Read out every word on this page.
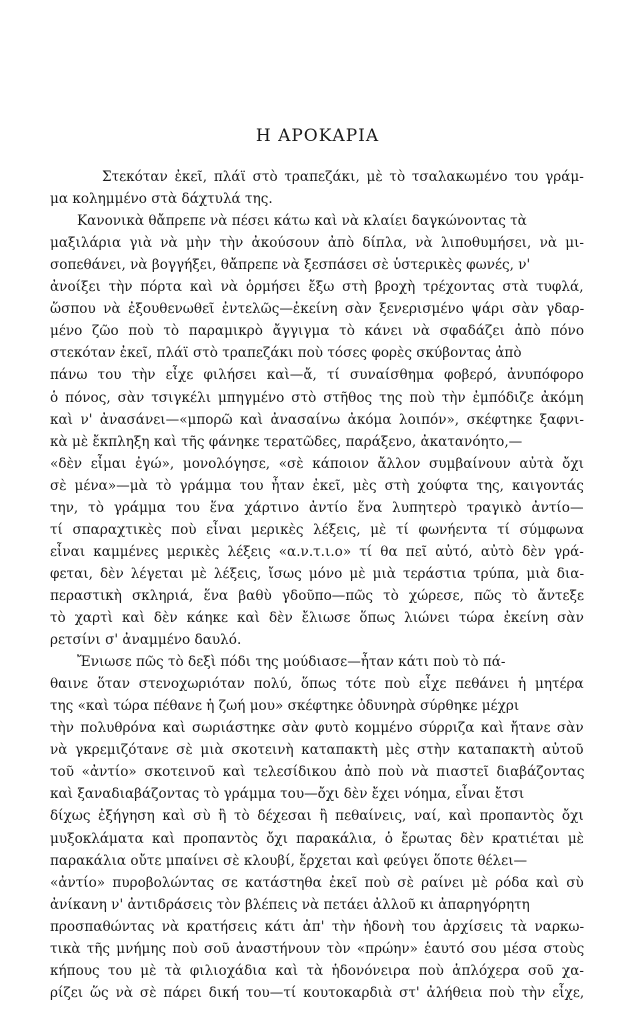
Η ΑΡΟΚΑΡΙΑ
Στεκόταν ἐκεῖ, πλάϊ στὸ τραπεζάκι, μὲ τὸ τσαλακωμένο του γράμ-
μα κολημμένο στὰ δάχτυλά της.
Κανονικὰ θἄπρεπε νὰ πέσει κάτω καὶ νὰ κλαίει δαγκώνοντας τὰ
μαξιλάρια γιὰ νὰ μὴν τὴν ἀκούσουν ἀπὸ δίπλα, νὰ λιποθυμήσει, νὰ μι-
σοπεθάνει, νὰ βογγήξει, θἄπρεπε νὰ ξεσπάσει σὲ ὑστερικὲς φωνές, ν'
ἀνοίξει τὴν πόρτα καὶ νὰ ὁρμήσει ἔξω στὴ βροχὴ τρέχοντας στὰ τυφλά,
ὥσπου νὰ ἐξουθενωθεῖ ἐντελῶς—ἐκείνη σὰν ξενερισμένο ψάρι σὰν γδαρ-
μένο ζῶο ποὺ τὸ παραμικρὸ ἄγγιγμα τὸ κάνει νὰ σφαδάζει ἀπὸ πόνο
στεκόταν ἐκεῖ, πλάϊ στὸ τραπεζάκι ποὺ τόσες φορὲς σκύβοντας ἀπὸ
πάνω του τὴν εἶχε φιλήσει καὶ—ἄ, τί συναίσθημα φοβερό, ἀνυπόφορο
ὁ πόνος, σὰν τσιγκέλι μπηγμένο στὸ στῆθος της ποὺ τὴν ἐμπόδιζε ἀκόμη
καὶ ν' ἀνασάνει—«μπορῶ καὶ ἀνασαίνω ἀκόμα λοιπόν», σκέφτηκε ξαφνι-
κὰ μὲ ἔκπληξη καὶ τῆς φάνηκε τερατῶδες, παράξενο, ἀκατανόητο,—
«δὲν εἶμαι ἐγώ», μονολόγησε, «σὲ κάποιον ἄλλον συμβαίνουν αὐτὰ ὄχι
σὲ μένα»—μὰ τὸ γράμμα του ἦταν ἐκεῖ, μὲς στὴ χούφτα της, καιγοντάς
την, τὸ γράμμα του ἕνα χάρτινο ἀντίο ἕνα λυπητερὸ τραγικὸ ἀντίο—
τί σπαραχτικὲς ποὺ εἶναι μερικὲς λέξεις, μὲ τί φωνήεντα τί σύμφωνα
εἶναι καμμένες μερικὲς λέξεις «α.ν.τ.ι.ο» τί θα πεῖ αὐτό, αὐτὸ δὲν γρά-
φεται, δὲν λέγεται μὲ λέξεις, ἴσως μόνο μὲ μιὰ τεράστια τρύπα, μιὰ δια-
περαστικὴ σκληριά, ἕνα βαθὺ γδοῦπο—πῶς τὸ χώρεσε, πῶς τὸ ἄντεξε
τὸ χαρτὶ καὶ δὲν κάηκε καὶ δὲν ἔλιωσε ὅπως λιώνει τώρα ἐκείνη σὰν
ρετσίνι σ' ἀναμμένο δαυλό.
Ἔνιωσε πῶς τὸ δεξὶ πόδι της μούδιασε—ἦταν κάτι ποὺ τὸ πά-
θαινε ὅταν στενοχωριόταν πολύ, ὅπως τότε ποὺ εἶχε πεθάνει ἡ μητέρα
της «καὶ τώρα πέθανε ἡ ζωή μου» σκέφτηκε ὀδυνηρὰ σύρθηκε μέχρι
τὴν πολυθρόνα καὶ σωριάστηκε σὰν φυτὸ κομμένο σύρριζα καὶ ἤτανε σὰν
νὰ γκρεμιζότανε σὲ μιὰ σκοτεινὴ καταπακτὴ μὲς στὴν καταπακτὴ αὐτοῦ
τοῦ «ἀντίο» σκοτεινοῦ καὶ τελεσίδικου ἀπὸ ποὺ νὰ πιαστεῖ διαβάζοντας
καὶ ξαναδιαβάζοντας τὸ γράμμα του—ὄχι δὲν ἔχει νόημα, εἶναι ἔτσι
δίχως ἐξήγηση καὶ σὺ ἢ τὸ δέχεσαι ἢ πεθαίνεις, ναί, καὶ προπαντὸς ὄχι
μυξοκλάματα καὶ προπαντὸς ὄχι παρακάλια, ὁ ἔρωτας δὲν κρατιέται μὲ
παρακάλια οὔτε μπαίνει σὲ κλουβί, ἔρχεται καὶ φεύγει ὅποτε θέλει—
«ἀντίο» πυροβολώντας σε κατάστηθα ἐκεῖ ποὺ σὲ ραίνει μὲ ρόδα καὶ σὺ
ἀνίκανη ν' ἀντιδράσεις τὸν βλέπεις νὰ πετάει ἀλλοῦ κι ἀπαρηγόρητη
προσπαθώντας νὰ κρατήσεις κάτι ἀπ' τὴν ἡδονὴ του ἀρχίσεις τὰ ναρκω-
τικὰ τῆς μνήμης ποὺ σοῦ ἀναστήνουν τὸν «πρώην» ἑαυτό σου μέσα στοὺς
κήπους του μὲ τὰ φιλιοχάδια καὶ τὰ ἡδονόνειρα ποὺ ἁπλόχερα σοῦ χα-
ρίζει ὥς νὰ σὲ πάρει δική του—τί κουτοκαρδιὰ στ' ἀλήθεια ποὺ τὴν εἶχε,
